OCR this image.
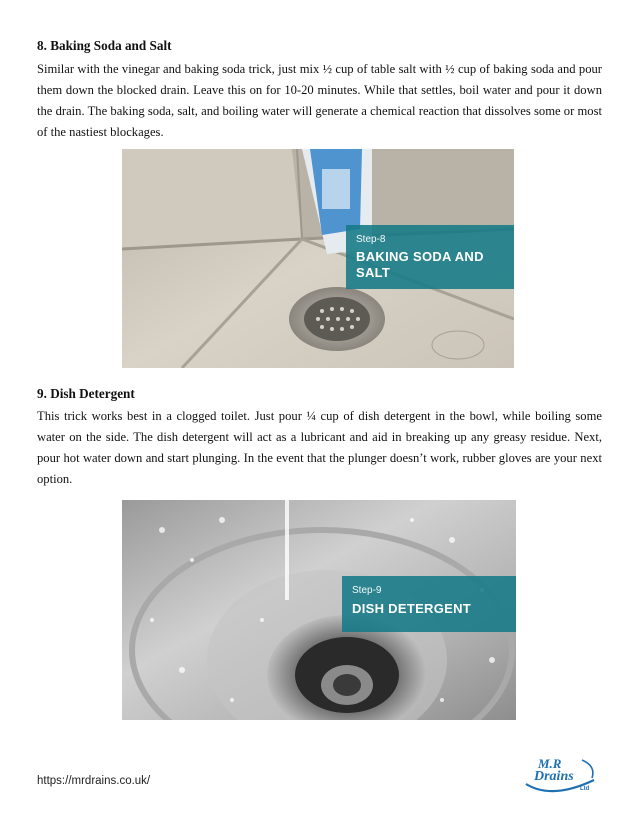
8. Baking Soda and Salt
Similar with the vinegar and baking soda trick, just mix ½ cup of table salt with ½ cup of baking soda and pour them down the blocked drain. Leave this on for 10-20 minutes. While that settles, boil water and pour it down the drain. The baking soda, salt, and boiling water will generate a chemical reaction that dissolves some or most of the nastiest blockages.
Step-8
BAKING SODA AND
SALT
9. Dish Detergent
This trick works best in a clogged toilet. Just pour ¼ cup of dish detergent in the bowl, while boiling some water on the side. The dish detergent will act as a lubricant and aid in breaking up any greasy residue. Next, pour hot water down and start plunging. In the event that the plunger doesn’t work, rubber gloves are your next option.
Step-9
DISH DETERGENT
https://mrdrains.co.uk/
M.R
Drains
Ltd
